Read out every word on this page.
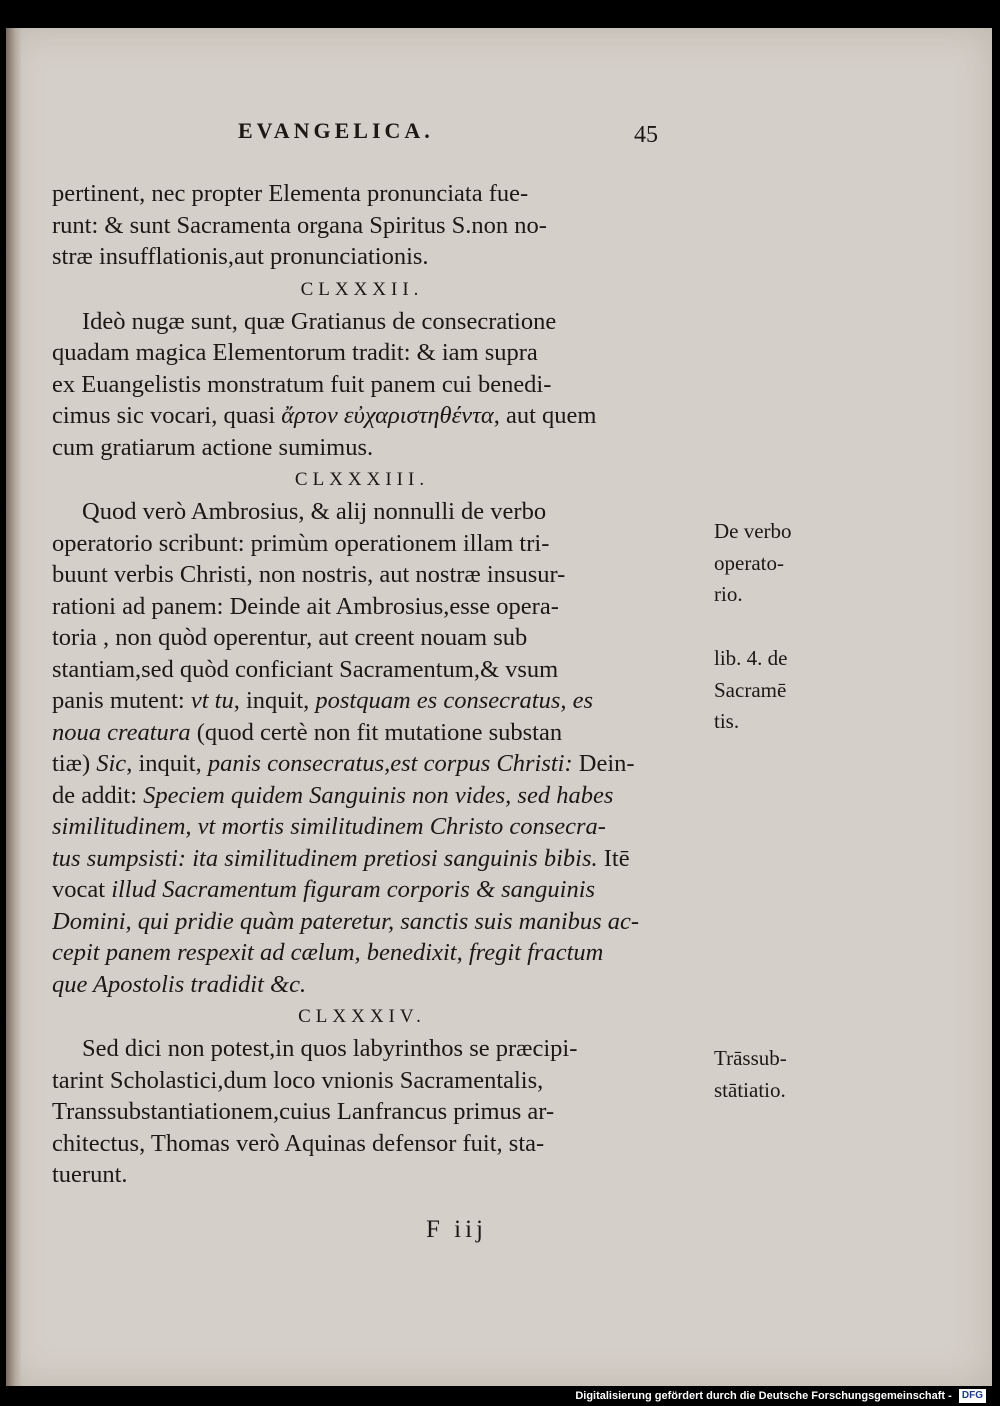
EVANGELICA.	45
pertinent, nec propter Elementa pronunciata fue-
runt: & sunt Sacramenta organa Spiritus S.non no-
stræ insufflationis,aut pronunciationis.
CLXXXII.
Ideò nugæ sunt, quæ Gratianus de consecratione
quadam magica Elementorum tradit: & iam supra
ex Euangelistis monstratum fuit panem cui benedi-
cimus sic vocari, quasi ἄρτον εὐχαριστηθέντα, aut quem
cum gratiarum actione sumimus.
CLXXXIII.
Quod verò Ambrosius, & alij nonnulli de verbo
operatorio scribunt: primùm operationem illam tri-
buunt verbis Christi, non nostris, aut nostræ insusur-
rationi ad panem: Deinde ait Ambrosius,esse opera-
toria , non quòd operentur, aut creent nouam sub
stantiam,sed quòd conficiant Sacramentum,& vsum
panis mutent: vt tu, inquit, postquam es consecratus, es
noua creatura (quod certè non fit mutatione substan
tiæ) Sic, inquit, panis consecratus,est corpus Christi: Dein-
de addit: Speciem quidem Sanguinis non vides, sed habes
similitudinem, vt mortis similitudinem Christo consecra-
tus sumpsisti: ita similitudinem pretiosi sanguinis bibis. Itē
vocat illud Sacramentum figuram corporis & sanguinis
Domini, qui pridie quàm pateretur, sanctis suis manibus ac-
cepit panem respexit ad cælum, benedixit, fregit fractum
que Apostolis tradidit &c.
CLXXXIV.
Sed dici non potest,in quos labyrinthos se præcipi-
tarint Scholastici,dum loco vnionis Sacramentalis,
Transsubstantiationem,cuius Lanfrancus primus ar-
chitectus, Thomas verò Aquinas defensor fuit, sta-
tuerunt.
De verbo
operato-
rio.
lib. 4. de
Sacramē
tis.
Trāssub-
stātiatio.
F iij
Digitalisierung gefördert durch die Deutsche Forschungsgemeinschaft - DFG
